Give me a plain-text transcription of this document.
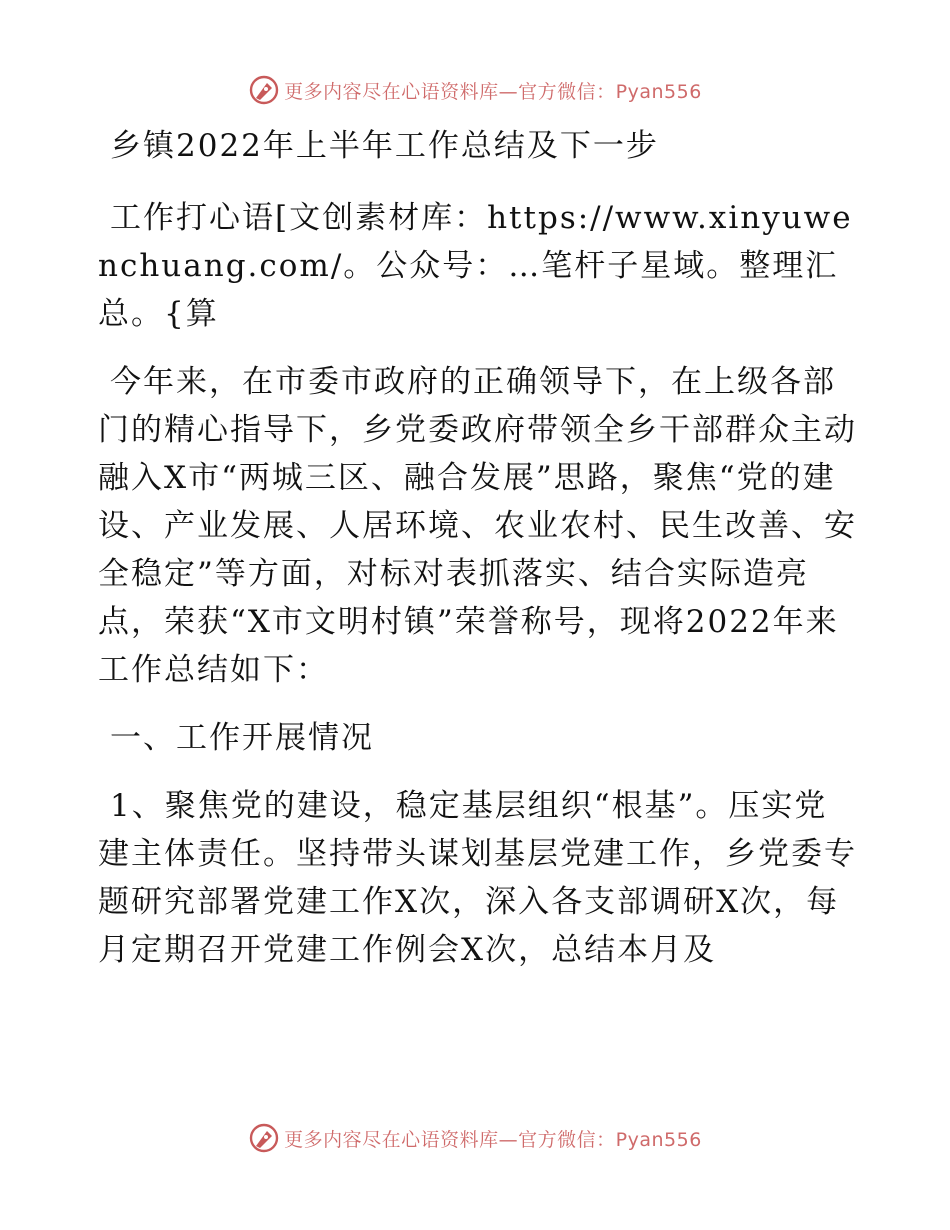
更多内容尽在心语资料库—官方微信：Pyan556

乡镇2022年上半年工作总结及下一步

工作打心语[文创素材库：https://www.xinyuwenchuang.com/。公众号：…笔杆子星域。整理汇总。{算

今年来，在市委市政府的正确领导下，在上级各部门的精心指导下，乡党委政府带领全乡干部群众主动融入X市“两城三区、融合发展”思路，聚焦“党的建设、产业发展、人居环境、农业农村、民生改善、安全稳定”等方面，对标对表抓落实、结合实际造亮点，荣获“X市文明村镇”荣誉称号，现将2022年来工作总结如下：

一、工作开展情况

1、聚焦党的建设，稳定基层组织“根基”。压实党建主体责任。坚持带头谋划基层党建工作，乡党委专题研究部署党建工作X次，深入各支部调研X次，每月定期召开党建工作例会X次，总结本月及

更多内容尽在心语资料库—官方微信：Pyan556
